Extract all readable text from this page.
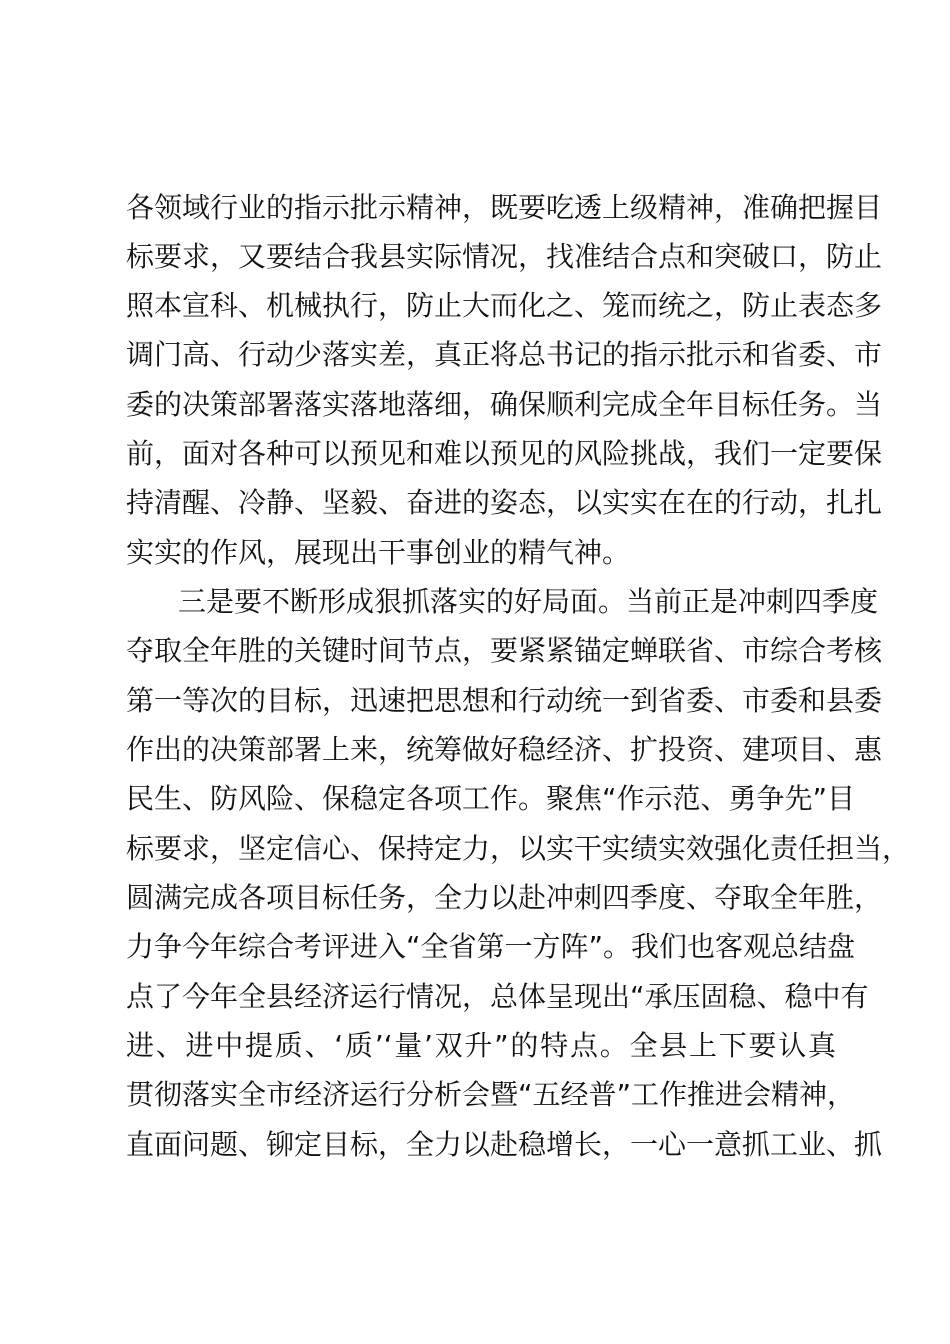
各领域行业的指示批示精神，既要吃透上级精神，准确把握目
标要求，又要结合我县实际情况，找准结合点和突破口，防止
照本宣科、机械执行，防止大而化之、笼而统之，防止表态多
调门高、行动少落实差，真正将总书记的指示批示和省委、市
委的决策部署落实落地落细，确保顺利完成全年目标任务。当
前，面对各种可以预见和难以预见的风险挑战，我们一定要保
持清醒、冷静、坚毅、奋进的姿态，以实实在在的行动，扎扎
实实的作风，展现出干事创业的精气神。
三是要不断形成狠抓落实的好局面。当前正是冲刺四季度
夺取全年胜的关键时间节点，要紧紧锚定蝉联省、市综合考核
第一等次的目标，迅速把思想和行动统一到省委、市委和县委
作出的决策部署上来，统筹做好稳经济、扩投资、建项目、惠
民生、防风险、保稳定各项工作。聚焦“作示范、勇争先”目
标要求，坚定信心、保持定力，以实干实绩实效强化责任担当，
圆满完成各项目标任务，全力以赴冲刺四季度、夺取全年胜，
力争今年综合考评进入“全省第一方阵”。我们也客观总结盘
点了今年全县经济运行情况，总体呈现出“承压固稳、稳中有
进、进中提质、‘质’‘量’双升”的特点。全县上下要认真
贯彻落实全市经济运行分析会暨“五经普”工作推进会精神，
直面问题、铆定目标，全力以赴稳增长，一心一意抓工业、抓
